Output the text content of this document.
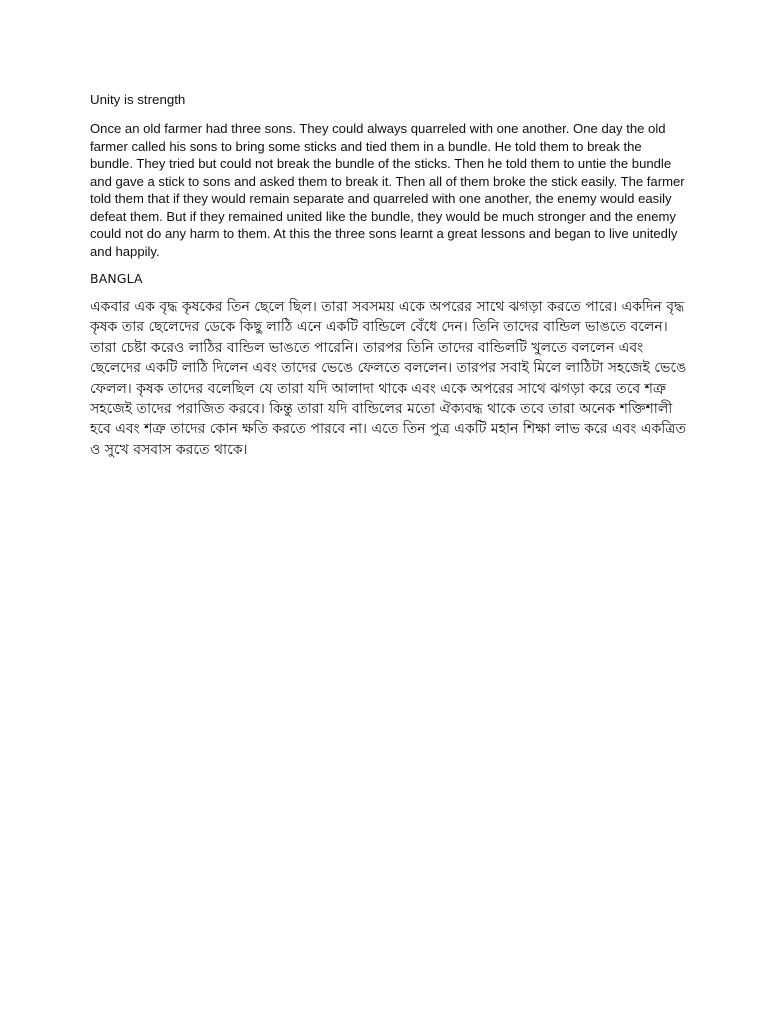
Unity is strength

Once an old farmer had three sons. They could always quarreled with one another. One day the old farmer called his sons to bring some sticks and tied them in a bundle. He told them to break the bundle. They tried but could not break the bundle of the sticks. Then he told them to untie the bundle and gave a stick to sons and asked them to break it. Then all of them broke the stick easily. The farmer told them that if they would remain separate and quarreled with one another, the enemy would easily defeat them. But if they remained united like the bundle, they would be much stronger and the enemy could not do any harm to them. At this the three sons learnt a great lessons and began to live unitedly and happily.

BANGLA

একবার এক বৃদ্ধ কৃষকের তিন ছেলে ছিল। তারা সবসময় একে অপরের সাথে ঝগড়া করতে পারে। একদিন বৃদ্ধ কৃষক তার ছেলেদের ডেকে কিছু লাঠি এনে একটি বান্ডিলে বেঁধে দেন। তিনি তাদের বান্ডিল ভাঙতে বলেন। তারা চেষ্টা করেও লাঠির বান্ডিল ভাঙতে পারেনি। তারপর তিনি তাদের বান্ডিলটি খুলতে বললেন এবং ছেলেদের একটি লাঠি দিলেন এবং তাদের ভেঙে ফেলতে বললেন। তারপর সবাই মিলে লাঠিটা সহজেই ভেঙে ফেলল। কৃষক তাদের বলেছিল যে তারা যদি আলাদা থাকে এবং একে অপরের সাথে ঝগড়া করে তবে শত্রু সহজেই তাদের পরাজিত করবে। কিন্তু তারা যদি বান্ডিলের মতো ঐক্যবদ্ধ থাকে তবে তারা অনেক শক্তিশালী হবে এবং শত্রু তাদের কোন ক্ষতি করতে পারবে না। এতে তিন পুত্র একটি মহান শিক্ষা লাভ করে এবং একত্রিত ও সুখে বসবাস করতে থাকে।
